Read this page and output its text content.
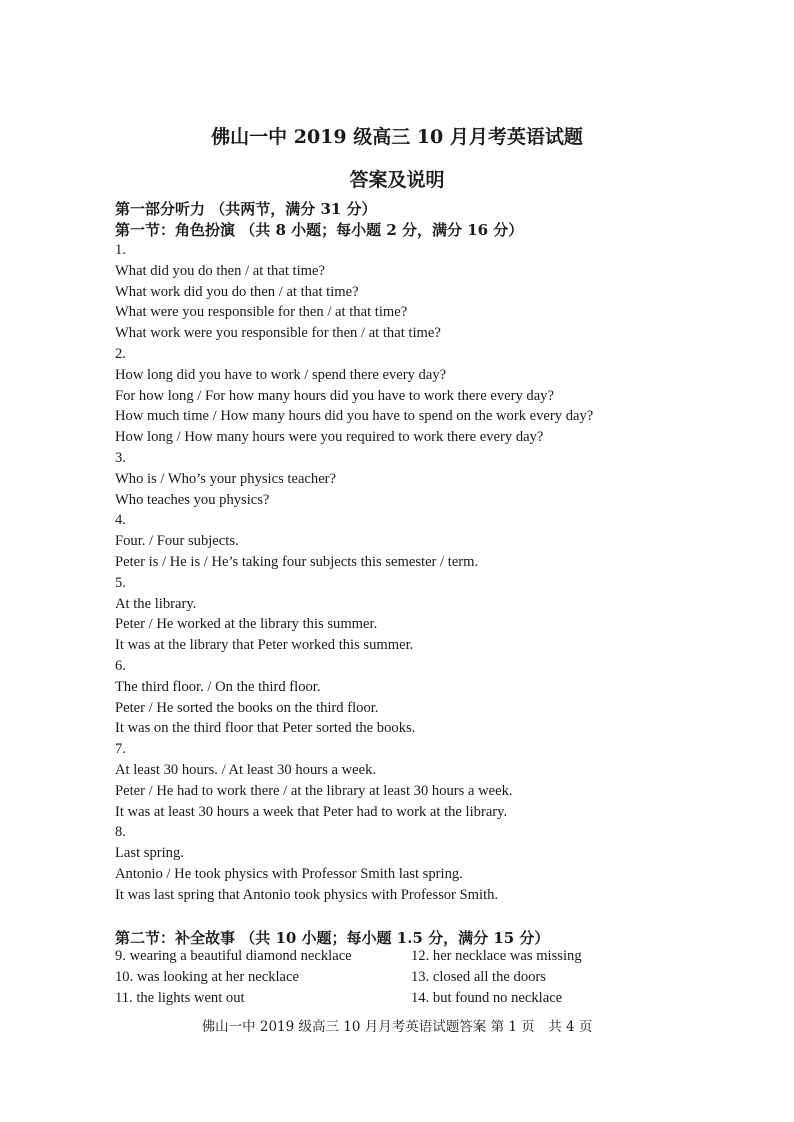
佛山一中 2019 级高三 10 月月考英语试题
答案及说明
第一部分听力 （共两节，满分 31 分）
第一节：角色扮演 （共 8 小题；每小题 2 分，满分 16 分）
1.
What did you do then / at that time?
What work did you do then / at that time?
What were you responsible for then / at that time?
What work were you responsible for then / at that time?
2.
How long did you have to work / spend there every day?
For how long / For how many hours did you have to work there every day?
How much time / How many hours did you have to spend on the work every day?
How long / How many hours were you required to work there every day?
3.
Who is / Who’s your physics teacher?
Who teaches you physics?
4.
Four. / Four subjects.
Peter is / He is / He’s taking four subjects this semester / term.
5.
At the library.
Peter / He worked at the library this summer.
It was at the library that Peter worked this summer.
6.
The third floor. / On the third floor.
Peter / He sorted the books on the third floor.
It was on the third floor that Peter sorted the books.
7.
At least 30 hours. / At least 30 hours a week.
Peter / He had to work there / at the library at least 30 hours a week.
It was at least 30 hours a week that Peter had to work at the library.
8.
Last spring.
Antonio / He took physics with Professor Smith last spring.
It was last spring that Antonio took physics with Professor Smith.
第二节：补全故事 （共 10 小题；每小题 1.5 分，满分 15 分）
9. wearing a beautiful diamond necklace	12. her necklace was missing
10. was looking at her necklace	13. closed all the doors
11. the lights went out	14. but found no necklace
佛山一中 2019 级高三 10 月月考英语试题答案 第 1 页　共 4 页
